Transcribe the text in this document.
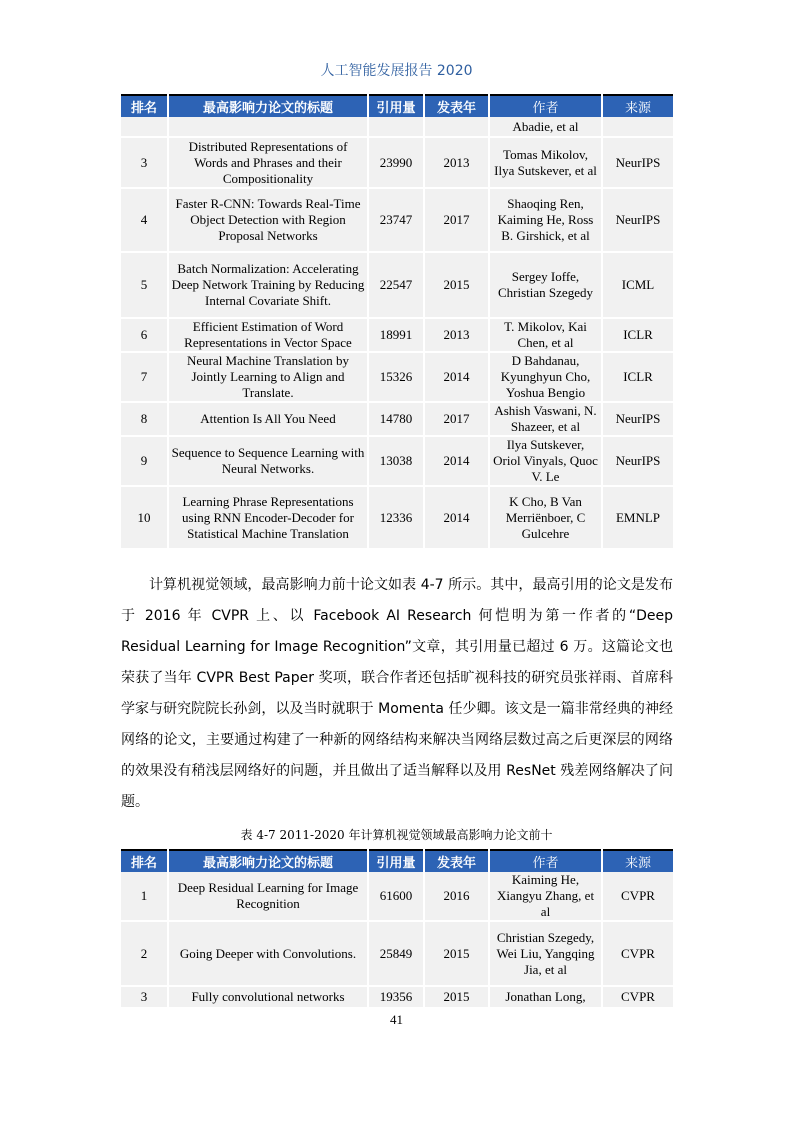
人工智能发展报告 2020
排名	最高影响力论文的标题	引用量	发表年	作者	来源
				Abadie, et al	
3	Distributed Representations of Words and Phrases and their Compositionality	23990	2013	Tomas Mikolov, Ilya Sutskever, et al	NeurIPS
4	Faster R-CNN: Towards Real-Time Object Detection with Region Proposal Networks	23747	2017	Shaoqing Ren, Kaiming He, Ross B. Girshick, et al	NeurIPS
5	Batch Normalization: Accelerating Deep Network Training by Reducing Internal Covariate Shift.	22547	2015	Sergey Ioffe, Christian Szegedy	ICML
6	Efficient Estimation of Word Representations in Vector Space	18991	2013	T. Mikolov, Kai Chen, et al	ICLR
7	Neural Machine Translation by Jointly Learning to Align and Translate.	15326	2014	D Bahdanau, Kyunghyun Cho, Yoshua Bengio	ICLR
8	Attention Is All You Need	14780	2017	Ashish Vaswani, N. Shazeer, et al	NeurIPS
9	Sequence to Sequence Learning with Neural Networks.	13038	2014	Ilya Sutskever, Oriol Vinyals, Quoc V. Le	NeurIPS
10	Learning Phrase Representations using RNN Encoder-Decoder for Statistical Machine Translation	12336	2014	K Cho, B Van Merriënboer, C Gulcehre	EMNLP

计算机视觉领域，最高影响力前十论文如表 4-7 所示。其中，最高引用的论文是发布于 2016 年 CVPR 上、以 Facebook AI Research 何恺明为第一作者的“Deep Residual Learning for Image Recognition”文章，其引用量已超过 6 万。这篇论文也荣获了当年 CVPR Best Paper 奖项，联合作者还包括旷视科技的研究员张祥雨、首席科学家与研究院院长孙剑，以及当时就职于 Momenta 任少卿。该文是一篇非常经典的神经网络的论文，主要通过构建了一种新的网络结构来解决当网络层数过高之后更深层的网络的效果没有稍浅层网络好的问题，并且做出了适当解释以及用 ResNet 残差网络解决了问题。

表 4-7 2011-2020 年计算机视觉领域最高影响力论文前十
排名	最高影响力论文的标题	引用量	发表年	作者	来源
1	Deep Residual Learning for Image Recognition	61600	2016	Kaiming He, Xiangyu Zhang, et al	CVPR
2	Going Deeper with Convolutions.	25849	2015	Christian Szegedy, Wei Liu, Yangqing Jia, et al	CVPR
3	Fully convolutional networks	19356	2015	Jonathan Long,	CVPR
41
